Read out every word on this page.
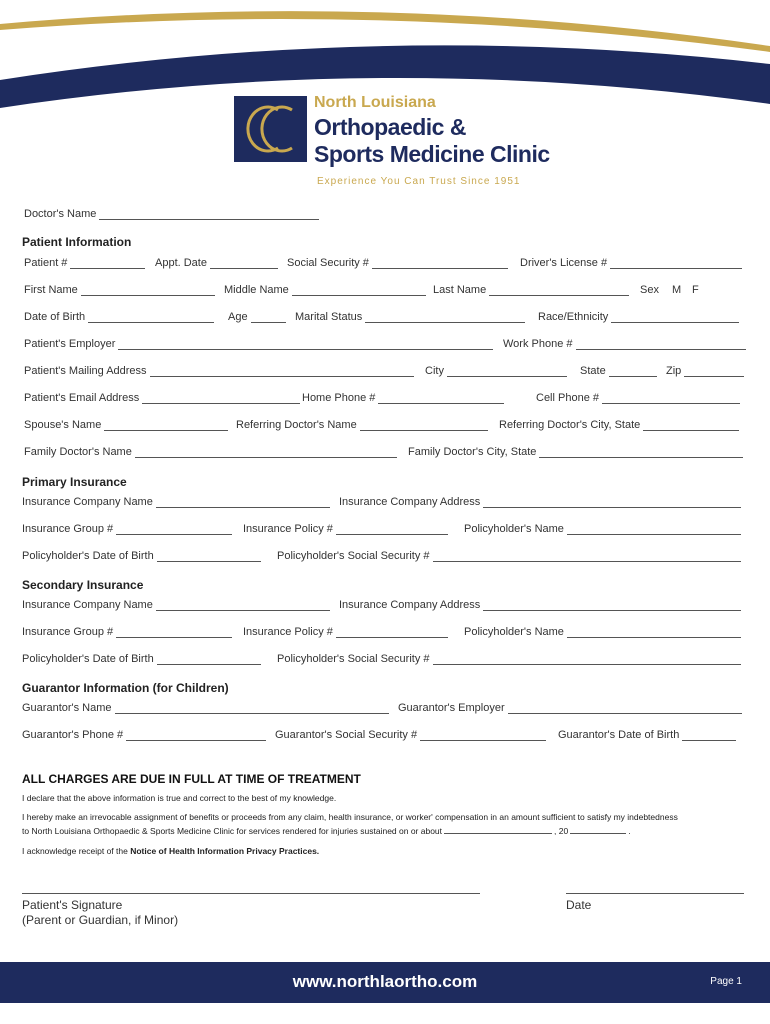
North Louisiana
Orthopaedic &
Sports Medicine Clinic
Experience You Can Trust Since 1951
Doctor's Name
Patient Information
Patient #	Appt. Date	Social Security #	Driver's License #
First Name	Middle Name	Last Name	Sex M F
Date of Birth	Age	Marital Status	Race/Ethnicity
Patient's Employer	Work Phone #
Patient's Mailing Address	City	State	Zip
Patient's Email Address	Home Phone #	Cell Phone #
Spouse's Name	Referring Doctor's Name	Referring Doctor's City, State
Family Doctor's Name	Family Doctor's City, State
Primary Insurance
Insurance Company Name	Insurance Company Address
Insurance Group #	Insurance Policy #	Policyholder's Name
Policyholder's Date of Birth	Policyholder's Social Security #
Secondary Insurance
Insurance Company Name	Insurance Company Address
Insurance Group #	Insurance Policy #	Policyholder's Name
Policyholder's Date of Birth	Policyholder's Social Security #
Guarantor Information (for Children)
Guarantor's Name	Guarantor's Employer
Guarantor's Phone #	Guarantor's Social Security #	Guarantor's Date of Birth
ALL CHARGES ARE DUE IN FULL AT TIME OF TREATMENT
I declare that the above information is true and correct to the best of my knowledge.
I hereby make an irrevocable assignment of benefits or proceeds from any claim, health insurance, or worker' compensation in an amount sufficient to satisfy my indebtedness
to North Louisiana Orthopaedic & Sports Medicine Clinic for services rendered for injuries sustained on or about	, 20	.
I acknowledge receipt of the Notice of Health Information Privacy Practices.
Patient's Signature
(Parent or Guardian, if Minor)
Date
www.northlaortho.com	Page 1
